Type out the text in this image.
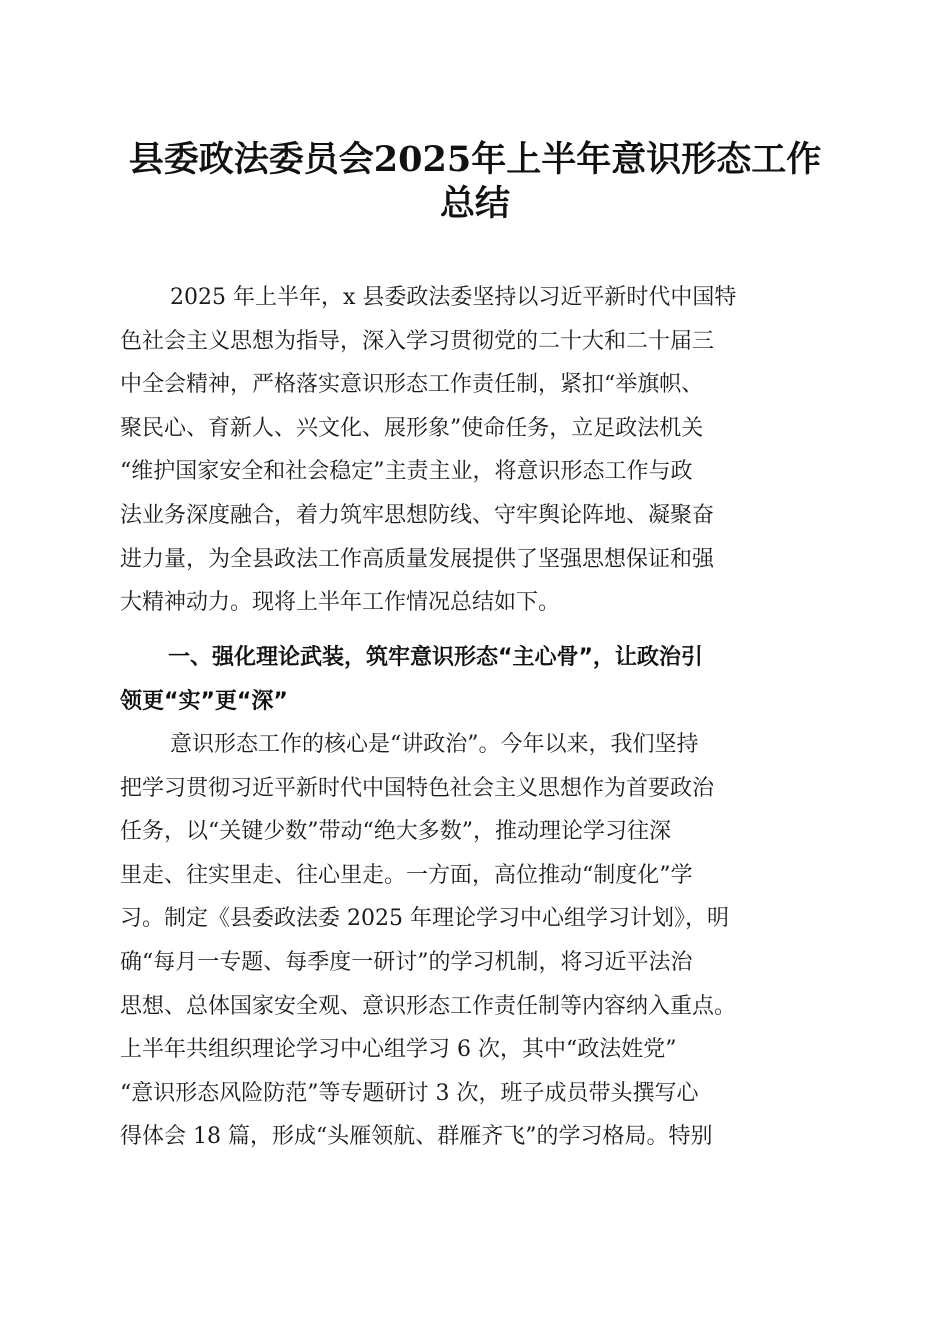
县委政法委员会2025年上半年意识形态工作
总结
2025 年上半年，x 县委政法委坚持以习近平新时代中国特
色社会主义思想为指导，深入学习贯彻党的二十大和二十届三
中全会精神，严格落实意识形态工作责任制，紧扣“举旗帜、
聚民心、育新人、兴文化、展形象”使命任务，立足政法机关
“维护国家安全和社会稳定”主责主业，将意识形态工作与政
法业务深度融合，着力筑牢思想防线、守牢舆论阵地、凝聚奋
进力量，为全县政法工作高质量发展提供了坚强思想保证和强
大精神动力。现将上半年工作情况总结如下。
一、强化理论武装，筑牢意识形态“主心骨”，让政治引
领更“实”更“深”
意识形态工作的核心是“讲政治”。今年以来，我们坚持
把学习贯彻习近平新时代中国特色社会主义思想作为首要政治
任务，以“关键少数”带动“绝大多数”，推动理论学习往深
里走、往实里走、往心里走。一方面，高位推动“制度化”学
习。制定《县委政法委 2025 年理论学习中心组学习计划》，明
确“每月一专题、每季度一研讨”的学习机制，将习近平法治
思想、总体国家安全观、意识形态工作责任制等内容纳入重点。
上半年共组织理论学习中心组学习 6 次，其中“政法姓党”
“意识形态风险防范”等专题研讨 3 次，班子成员带头撰写心
得体会 18 篇，形成“头雁领航、群雁齐飞”的学习格局。特别
